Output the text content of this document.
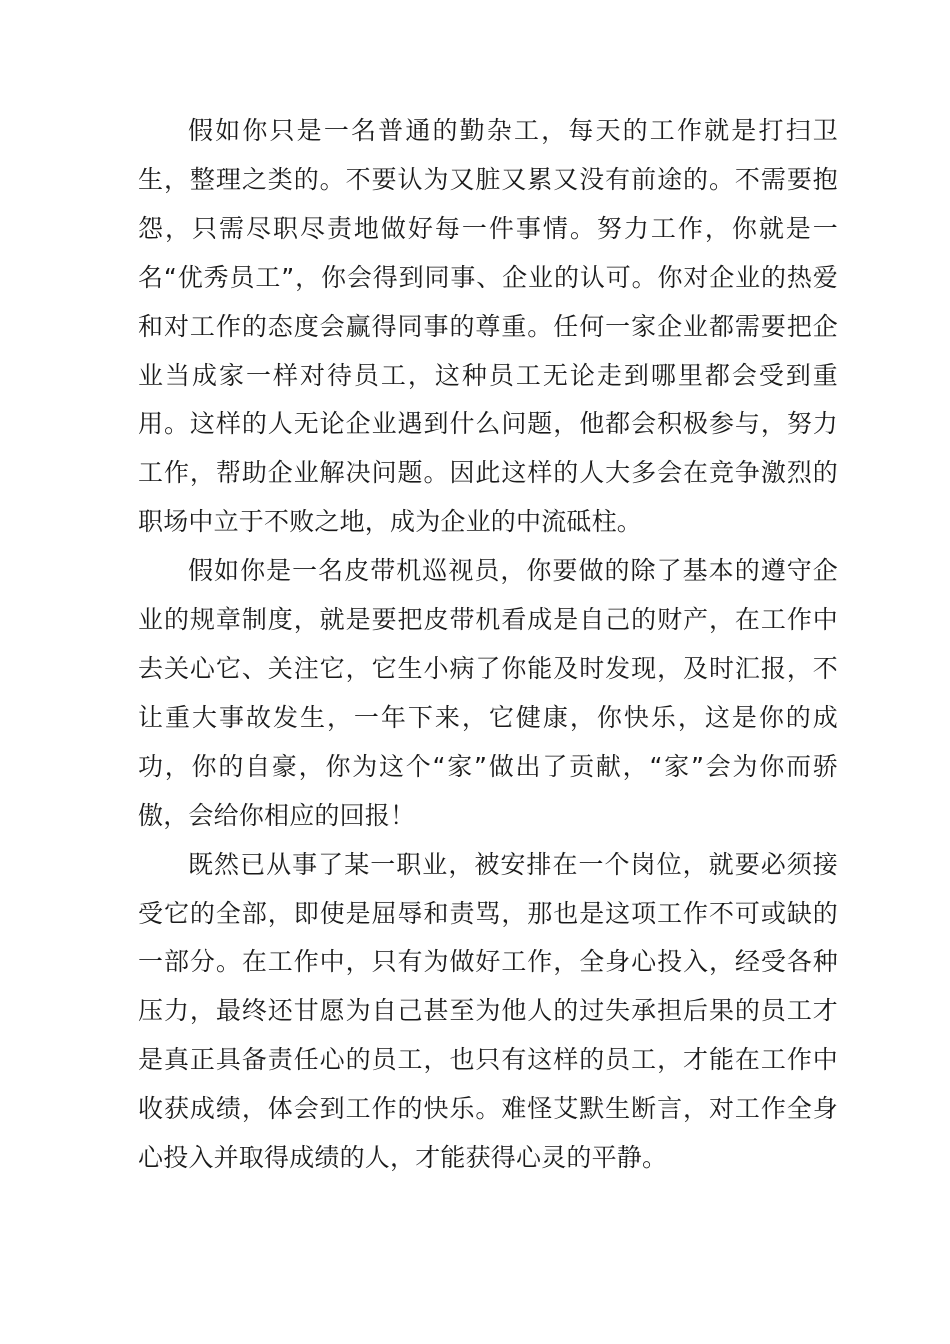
假如你只是一名普通的勤杂工，每天的工作就是打扫卫生，整理之类的。不要认为又脏又累又没有前途的。不需要抱怨，只需尽职尽责地做好每一件事情。努力工作，你就是一名“优秀员工”，你会得到同事、企业的认可。你对企业的热爱和对工作的态度会赢得同事的尊重。任何一家企业都需要把企业当成家一样对待员工，这种员工无论走到哪里都会受到重用。这样的人无论企业遇到什么问题，他都会积极参与，努力工作，帮助企业解决问题。因此这样的人大多会在竞争激烈的职场中立于不败之地，成为企业的中流砥柱。

假如你是一名皮带机巡视员，你要做的除了基本的遵守企业的规章制度，就是要把皮带机看成是自己的财产，在工作中去关心它、关注它，它生小病了你能及时发现，及时汇报，不让重大事故发生，一年下来，它健康，你快乐，这是你的成功，你的自豪，你为这个“家”做出了贡献，“家”会为你而骄傲，会给你相应的回报！

既然已从事了某一职业，被安排在一个岗位，就要必须接受它的全部，即使是屈辱和责骂，那也是这项工作不可或缺的一部分。在工作中，只有为做好工作，全身心投入，经受各种压力，最终还甘愿为自己甚至为他人的过失承担后果的员工才是真正具备责任心的员工，也只有这样的员工，才能在工作中收获成绩，体会到工作的快乐。难怪艾默生断言，对工作全身心投入并取得成绩的人，才能获得心灵的平静。
